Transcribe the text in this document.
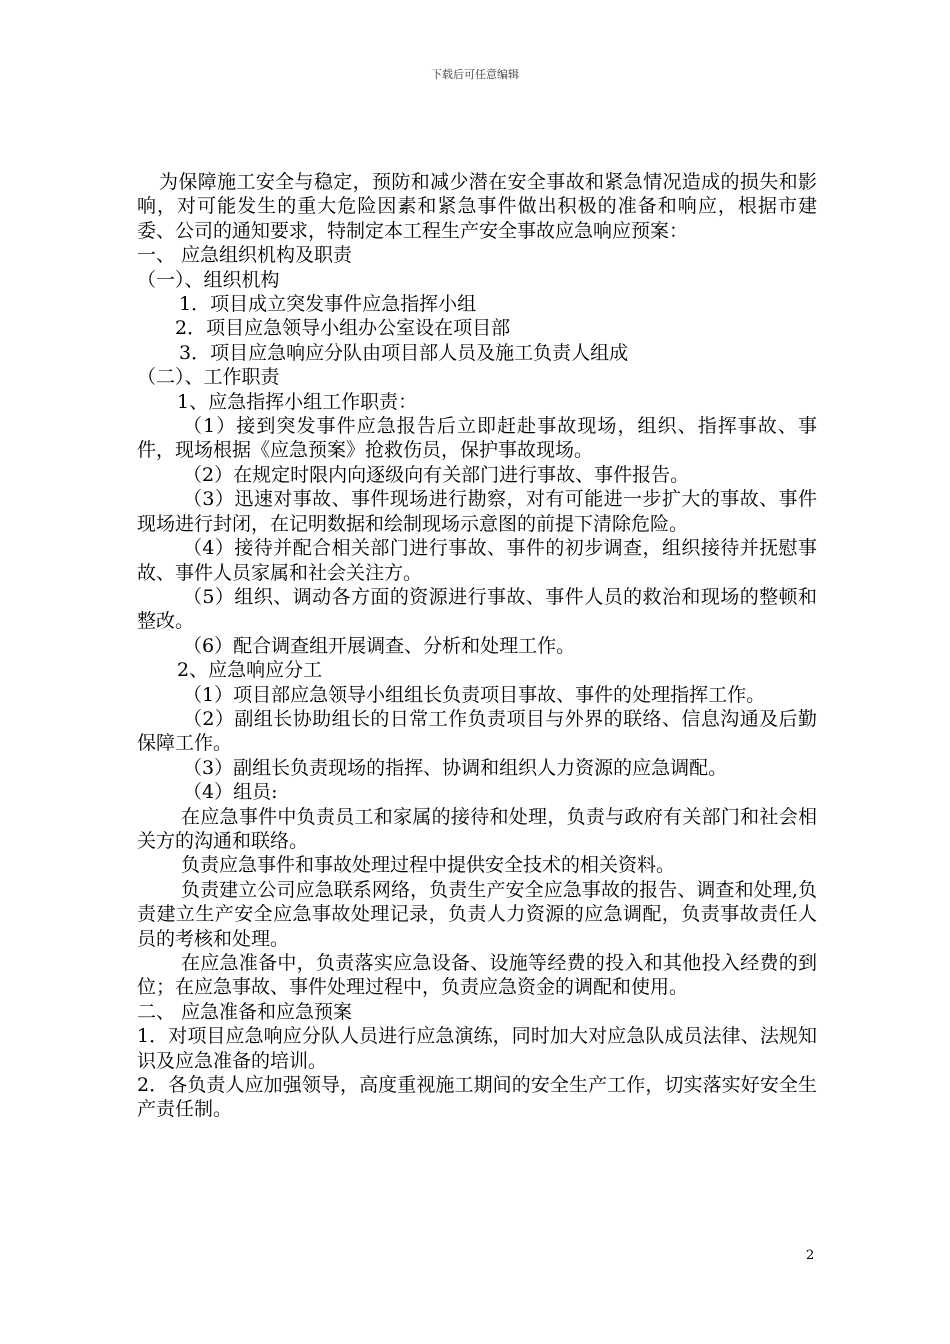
下载后可任意编辑

为保障施工安全与稳定，预防和减少潜在安全事故和紧急情况造成的损失和影响，对可能发生的重大危险因素和紧急事件做出积极的准备和响应，根据市建委、公司的通知要求，特制定本工程生产安全事故应急响应预案：

一、 应急组织机构及职责

（一）、组织机构

1．项目成立突发事件应急指挥小组

2．项目应急领导小组办公室设在项目部

3．项目应急响应分队由项目部人员及施工负责人组成

（二）、工作职责

1、应急指挥小组工作职责：

（1）接到突发事件应急报告后立即赶赴事故现场，组织、指挥事故、事件，现场根据《应急预案》抢救伤员，保护事故现场。

（2）在规定时限内向逐级向有关部门进行事故、事件报告。

（3）迅速对事故、事件现场进行勘察，对有可能进一步扩大的事故、事件现场进行封闭，在记明数据和绘制现场示意图的前提下清除危险。

（4）接待并配合相关部门进行事故、事件的初步调查，组织接待并抚慰事故、事件人员家属和社会关注方。

（5）组织、调动各方面的资源进行事故、事件人员的救治和现场的整顿和整改。

（6）配合调查组开展调查、分析和处理工作。

2、应急响应分工

（1）项目部应急领导小组组长负责项目事故、事件的处理指挥工作。

（2）副组长协助组长的日常工作负责项目与外界的联络、信息沟通及后勤保障工作。

（3）副组长负责现场的指挥、协调和组织人力资源的应急调配。

（4）组员:

在应急事件中负责员工和家属的接待和处理，负责与政府有关部门和社会相关方的沟通和联络。

负责应急事件和事故处理过程中提供安全技术的相关资料。

负责建立公司应急联系网络，负责生产安全应急事故的报告、调查和处理,负责建立生产安全应急事故处理记录，负责人力资源的应急调配，负责事故责任人员的考核和处理。

在应急准备中，负责落实应急设备、设施等经费的投入和其他投入经费的到位；在应急事故、事件处理过程中，负责应急资金的调配和使用。

二、 应急准备和应急预案

1．对项目应急响应分队人员进行应急演练，同时加大对应急队成员法律、法规知识及应急准备的培训。

2．各负责人应加强领导，高度重视施工期间的安全生产工作，切实落实好安全生产责任制。

2
